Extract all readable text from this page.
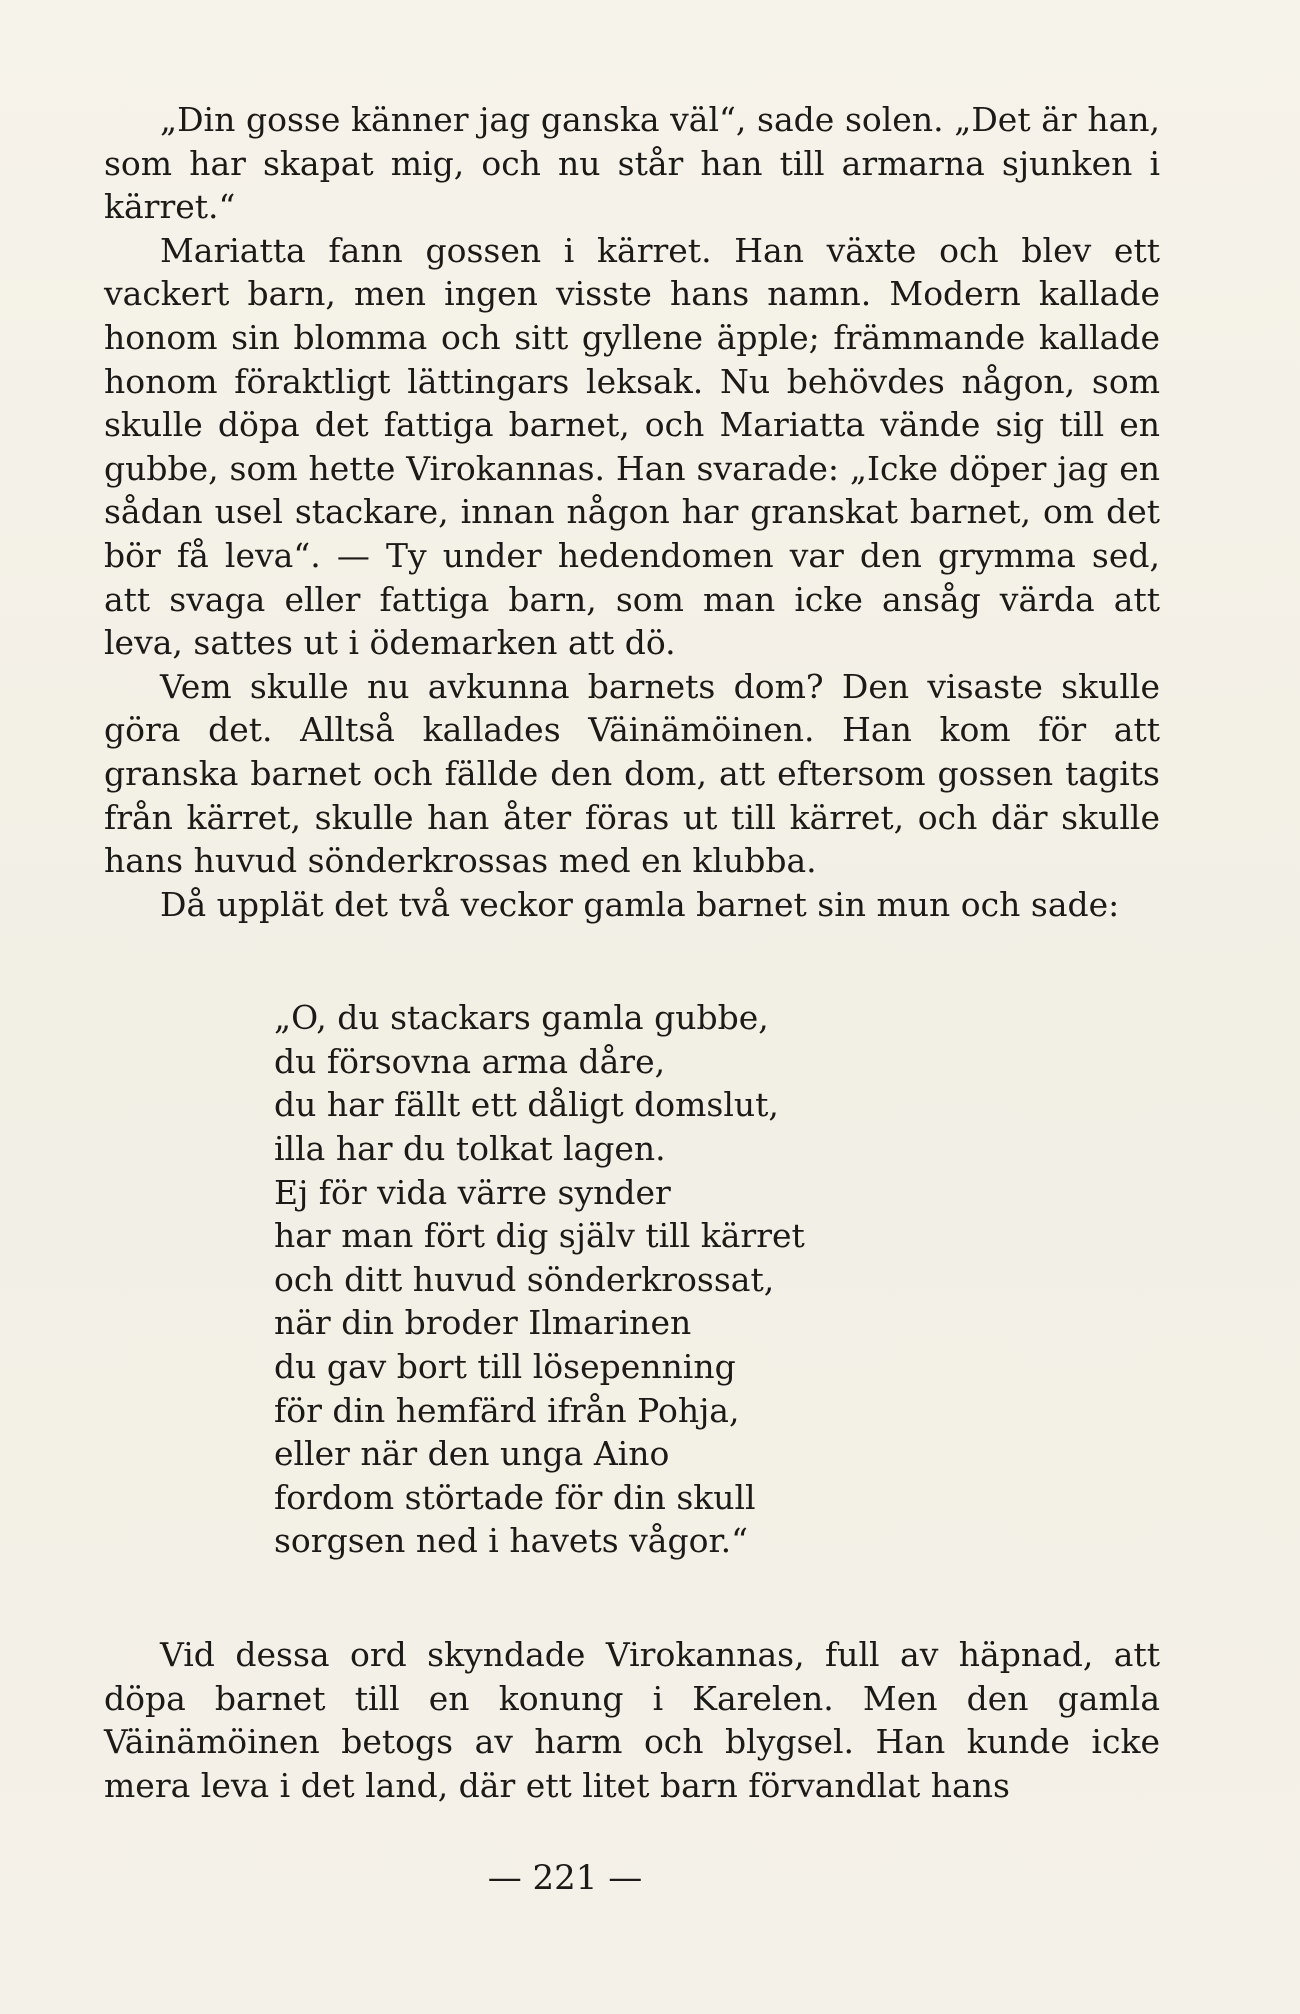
„Din gosse känner jag ganska väl“, sade solen. „Det är han, som har skapat mig, och nu står han till armarna sjunken i kärret.“

Mariatta fann gossen i kärret. Han växte och blev ett vackert barn, men ingen visste hans namn. Modern kallade honom sin blomma och sitt gyllene äpple; främmande kallade honom föraktligt lättingars leksak. Nu behövdes någon, som skulle döpa det fattiga barnet, och Mariatta vände sig till en gubbe, som hette Virokannas. Han svarade: „Icke döper jag en sådan usel stackare, innan någon har granskat barnet, om det bör få leva“. — Ty under hedendomen var den grymma sed, att svaga eller fattiga barn, som man icke ansåg värda att leva, sattes ut i ödemarken att dö.

Vem skulle nu avkunna barnets dom? Den visaste skulle göra det. Alltså kallades Väinämöinen. Han kom för att granska barnet och fällde den dom, att eftersom gossen tagits från kärret, skulle han åter föras ut till kärret, och där skulle hans huvud sönderkrossas med en klubba.

Då upplät det två veckor gamla barnet sin mun och sade:

„O, du stackars gamla gubbe,
du försovna arma dåre,
du har fällt ett dåligt domslut,
illa har du tolkat lagen.
Ej för vida värre synder
har man fört dig själv till kärret
och ditt huvud sönderkrossat,
när din broder Ilmarinen
du gav bort till lösepenning
för din hemfärd ifrån Pohja,
eller när den unga Aino
fordom störtade för din skull
sorgsen ned i havets vågor.“

Vid dessa ord skyndade Virokannas, full av häpnad, att döpa barnet till en konung i Karelen. Men den gamla Väinämöinen betogs av harm och blygsel. Han kunde icke mera leva i det land, där ett litet barn förvandlat hans

— 221 —
